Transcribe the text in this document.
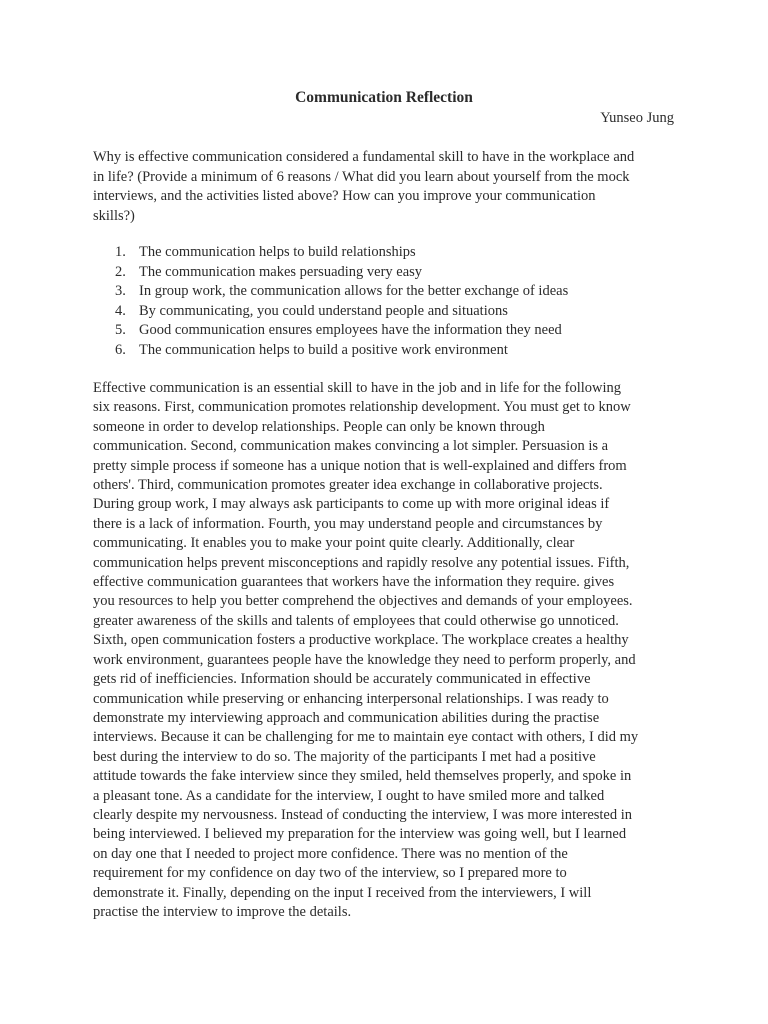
Communication Reflection
Yunseo Jung
Why is effective communication considered a fundamental skill to have in the workplace and
in life? (Provide a minimum of 6 reasons / What did you learn about yourself from the mock
interviews, and the activities listed above? How can you improve your communication
skills?)
1. The communication helps to build relationships
2. The communication makes persuading very easy
3. In group work, the communication allows for the better exchange of ideas
4. By communicating, you could understand people and situations
5. Good communication ensures employees have the information they need
6. The communication helps to build a positive work environment
Effective communication is an essential skill to have in the job and in life for the following
six reasons. First, communication promotes relationship development. You must get to know
someone in order to develop relationships. People can only be known through
communication. Second, communication makes convincing a lot simpler. Persuasion is a
pretty simple process if someone has a unique notion that is well-explained and differs from
others'. Third, communication promotes greater idea exchange in collaborative projects.
During group work, I may always ask participants to come up with more original ideas if
there is a lack of information. Fourth, you may understand people and circumstances by
communicating. It enables you to make your point quite clearly. Additionally, clear
communication helps prevent misconceptions and rapidly resolve any potential issues. Fifth,
effective communication guarantees that workers have the information they require. gives
you resources to help you better comprehend the objectives and demands of your employees.
greater awareness of the skills and talents of employees that could otherwise go unnoticed.
Sixth, open communication fosters a productive workplace. The workplace creates a healthy
work environment, guarantees people have the knowledge they need to perform properly, and
gets rid of inefficiencies. Information should be accurately communicated in effective
communication while preserving or enhancing interpersonal relationships. I was ready to
demonstrate my interviewing approach and communication abilities during the practise
interviews. Because it can be challenging for me to maintain eye contact with others, I did my
best during the interview to do so. The majority of the participants I met had a positive
attitude towards the fake interview since they smiled, held themselves properly, and spoke in
a pleasant tone. As a candidate for the interview, I ought to have smiled more and talked
clearly despite my nervousness. Instead of conducting the interview, I was more interested in
being interviewed. I believed my preparation for the interview was going well, but I learned
on day one that I needed to project more confidence. There was no mention of the
requirement for my confidence on day two of the interview, so I prepared more to
demonstrate it. Finally, depending on the input I received from the interviewers, I will
practise the interview to improve the details.
